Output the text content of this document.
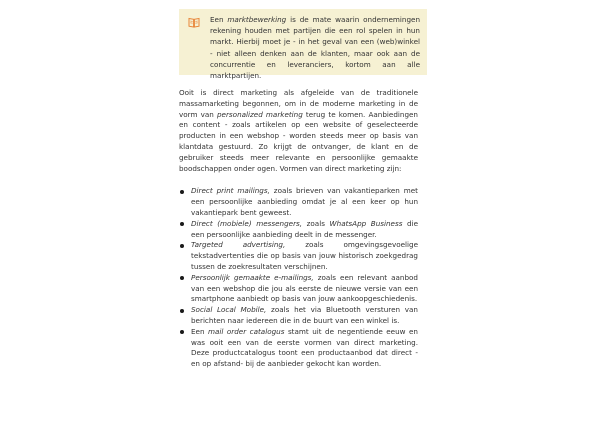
Een marktbewerking is de mate waarin ondernemingen rekening houden met partijen die een rol spelen in hun markt. Hierbij moet je - in het geval van een (web)winkel - niet alleen denken aan de klanten, maar ook aan de concurrentie en leveranciers, kortom aan alle marktpartijen.

Ooit is direct marketing als afgeleide van de traditionele massamarketing begonnen, om in de moderne marketing in de vorm van personalized marketing terug te komen. Aanbiedingen en content - zoals artikelen op een website of geselecteerde producten in een webshop - worden steeds meer op basis van klantdata gestuurd. Zo krijgt de ontvanger, de klant en de gebruiker steeds meer relevante en persoonlijke gemaakte boodschappen onder ogen. Vormen van direct marketing zijn:

Direct print mailings, zoals brieven van vakantieparken met een persoonlijke aanbieding omdat je al een keer op hun vakantiepark bent geweest.
Direct (mobiele) messengers, zoals WhatsApp Business die een persoonlijke aanbieding deelt in de messenger.
Targeted advertising, zoals omgevingsgevoelige tekstadvertenties die op basis van jouw historisch zoekgedrag tussen de zoekresultaten verschijnen.
Persoonlijk gemaakte e-mailings, zoals een relevant aanbod van een webshop die jou als eerste de nieuwe versie van een smartphone aanbiedt op basis van jouw aankoopgeschiedenis.
Social Local Mobile, zoals het via Bluetooth versturen van berichten naar iedereen die in de buurt van een winkel is.
Een mail order catalogus stamt uit de negentiende eeuw en was ooit een van de eerste vormen van direct marketing. Deze productcatalogus toont een productaanbod dat direct - en op afstand- bij de aanbieder gekocht kan worden.
